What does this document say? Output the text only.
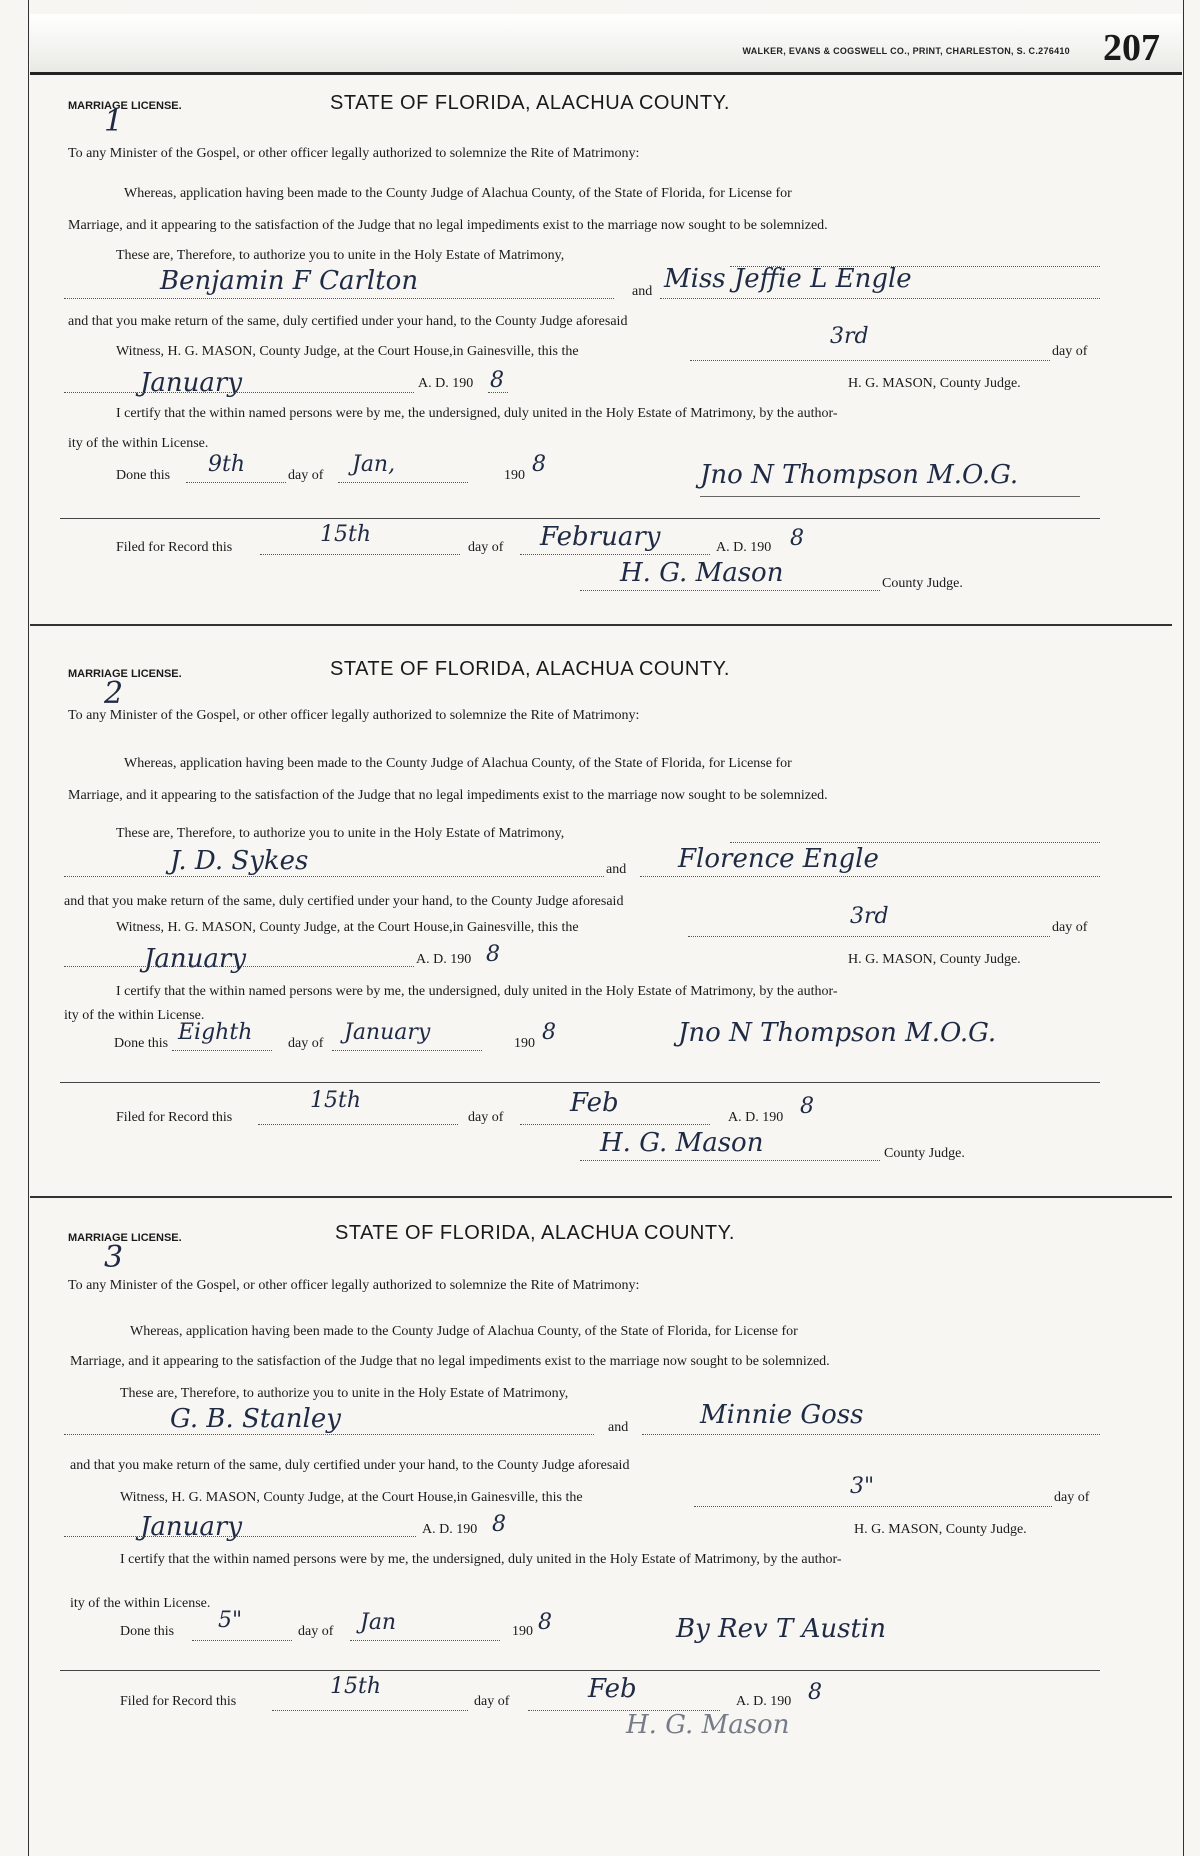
WALKER, EVANS & COGSWELL CO., PRINT, CHARLESTON, S. C.276410 207
MARRIAGE LICENSE.	STATE OF FLORIDA, ALACHUA COUNTY.
1
To any Minister of the Gospel, or other officer legally authorized to solemnize the Rite of Matrimony:
Whereas, application having been made to the County Judge of Alachua County, of the State of Florida, for License for
Marriage, and it appearing to the satisfaction of the Judge that no legal impediments exist to the marriage now sought to be solemnized.
These are, Therefore, to authorize you to unite in the Holy Estate of Matrimony,
Benjamin F Carlton	and Miss Jeffie L Engle
and that you make return of the same, duly certified under your hand, to the County Judge aforesaid
Witness, H. G. MASON, County Judge, at the Court House,in Gainesville, this the
3rd
day of
January	A. D. 190 8	H. G. MASON, County Judge.
I certify that the within named persons were by me, the undersigned, duly united in the Holy Estate of Matrimony, by the author-
ity of the within License.
Done this 9th	day of Jan,	190 8	Jno N Thompson M.O.G.
Filed for Record this
15th
day of February	A. D. 190 8
H. G. Mason	County Judge.
MARRIAGE LICENSE.	STATE OF FLORIDA, ALACHUA COUNTY.
2
To any Minister of the Gospel, or other officer legally authorized to solemnize the Rite of Matrimony:
Whereas, application having been made to the County Judge of Alachua County, of the State of Florida, for License for
Marriage, and it appearing to the satisfaction of the Judge that no legal impediments exist to the marriage now sought to be solemnized.
These are, Therefore, to authorize you to unite in the Holy Estate of Matrimony,
J. D. Sykes	and Florence Engle
and that you make return of the same, duly certified under your hand, to the County Judge aforesaid
Witness, H. G. MASON, County Judge, at the Court House,in Gainesville, this the	3rd	day of
January	A. D. 190 8	H. G. MASON, County Judge.
I certify that the within named persons were by me, the undersigned, duly united in the Holy Estate of Matrimony, by the author-
ity of the within License.
Done this Eighth	day of January	190 8	Jno N Thompson M.O.G.
Filed for Record this
15th
day of	Feb	A. D. 190 8
H. G. Mason	County Judge.
MARRIAGE LICENSE.	STATE OF FLORIDA, ALACHUA COUNTY.
3
To any Minister of the Gospel, or other officer legally authorized to solemnize the Rite of Matrimony:
Whereas, application having been made to the County Judge of Alachua County, of the State of Florida, for License for
Marriage, and it appearing to the satisfaction of the Judge that no legal impediments exist to the marriage now sought to be solemnized.
These are, Therefore, to authorize you to unite in the Holy Estate of Matrimony,
G. B. Stanley	and	Minnie Goss
and that you make return of the same, duly certified under your hand, to the County Judge aforesaid
Witness, H. G. MASON, County Judge, at the Court House,in Gainesville, this the	3"	day of
January	A. D. 190 8	H. G. MASON, County Judge.
I certify that the within named persons were by me, the undersigned, duly united in the Holy Estate of Matrimony, by the author-
ity of the within License.
Done this 5"	day of Jan	190 8	By Rev T Austin
Filed for Record this
15th
day of	Feb	A. D. 190 8
H. G. Mason
